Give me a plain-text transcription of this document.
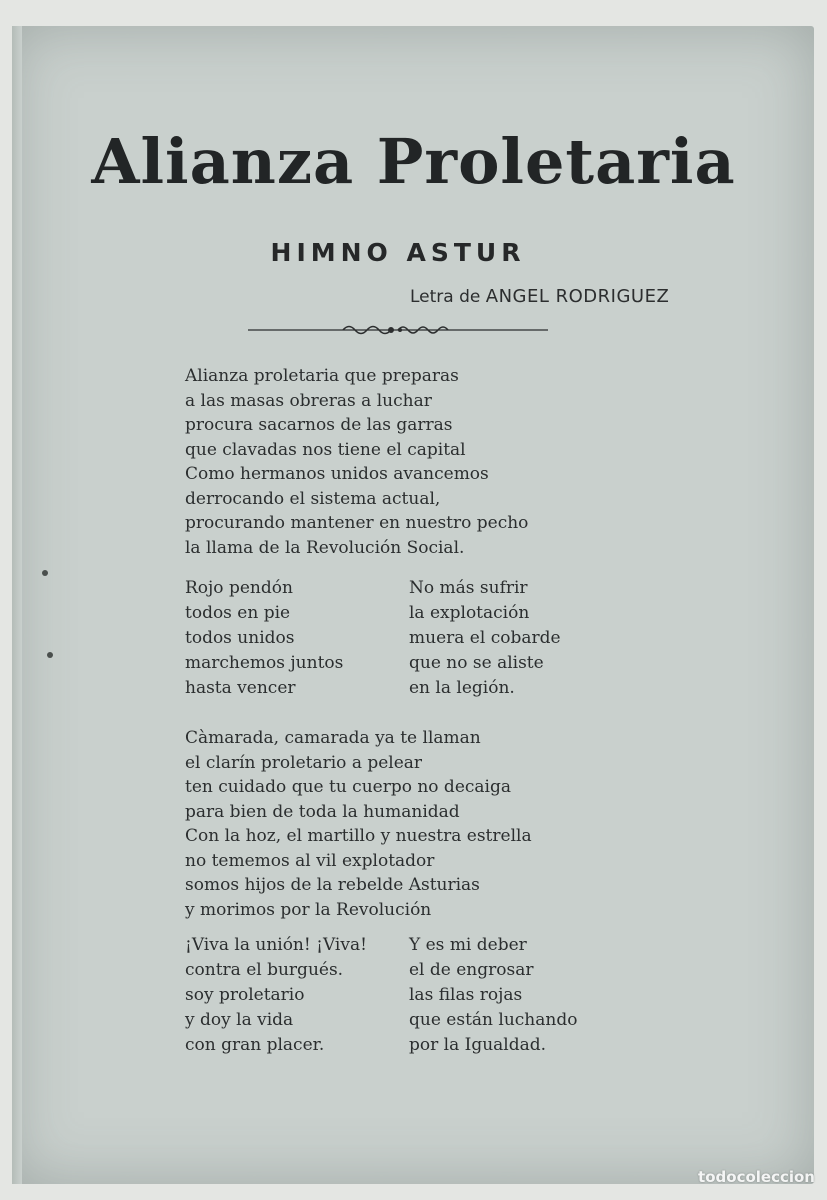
Alianza Proletaria
HIMNO ASTUR
Letra de ANGEL RODRIGUEZ
Alianza proletaria que preparas
a las masas obreras a luchar
procura sacarnos de las garras
que clavadas nos tiene el capital
Como hermanos unidos avancemos
derrocando el sistema actual,
procurando mantener en nuestro pecho
la llama de la Revolución Social.
Rojo pendón
todos en pie
todos unidos
marchemos juntos
hasta vencer
No más sufrir
la explotación
muera el cobarde
que no se aliste
en la legión.
Càmarada, camarada ya te llaman
el clarín proletario a pelear
ten cuidado que tu cuerpo no decaiga
para bien de toda la humanidad
Con la hoz, el martillo y nuestra estrella
no tememos al vil explotador
somos hijos de la rebelde Asturias
y morimos por la Revolución
¡Viva la unión! ¡Viva!
contra el burgués.
soy proletario
y doy la vida
con gran placer.
Y es mi deber
el de engrosar
las filas rojas
que están luchando
por la Igualdad.
todocoleccion
